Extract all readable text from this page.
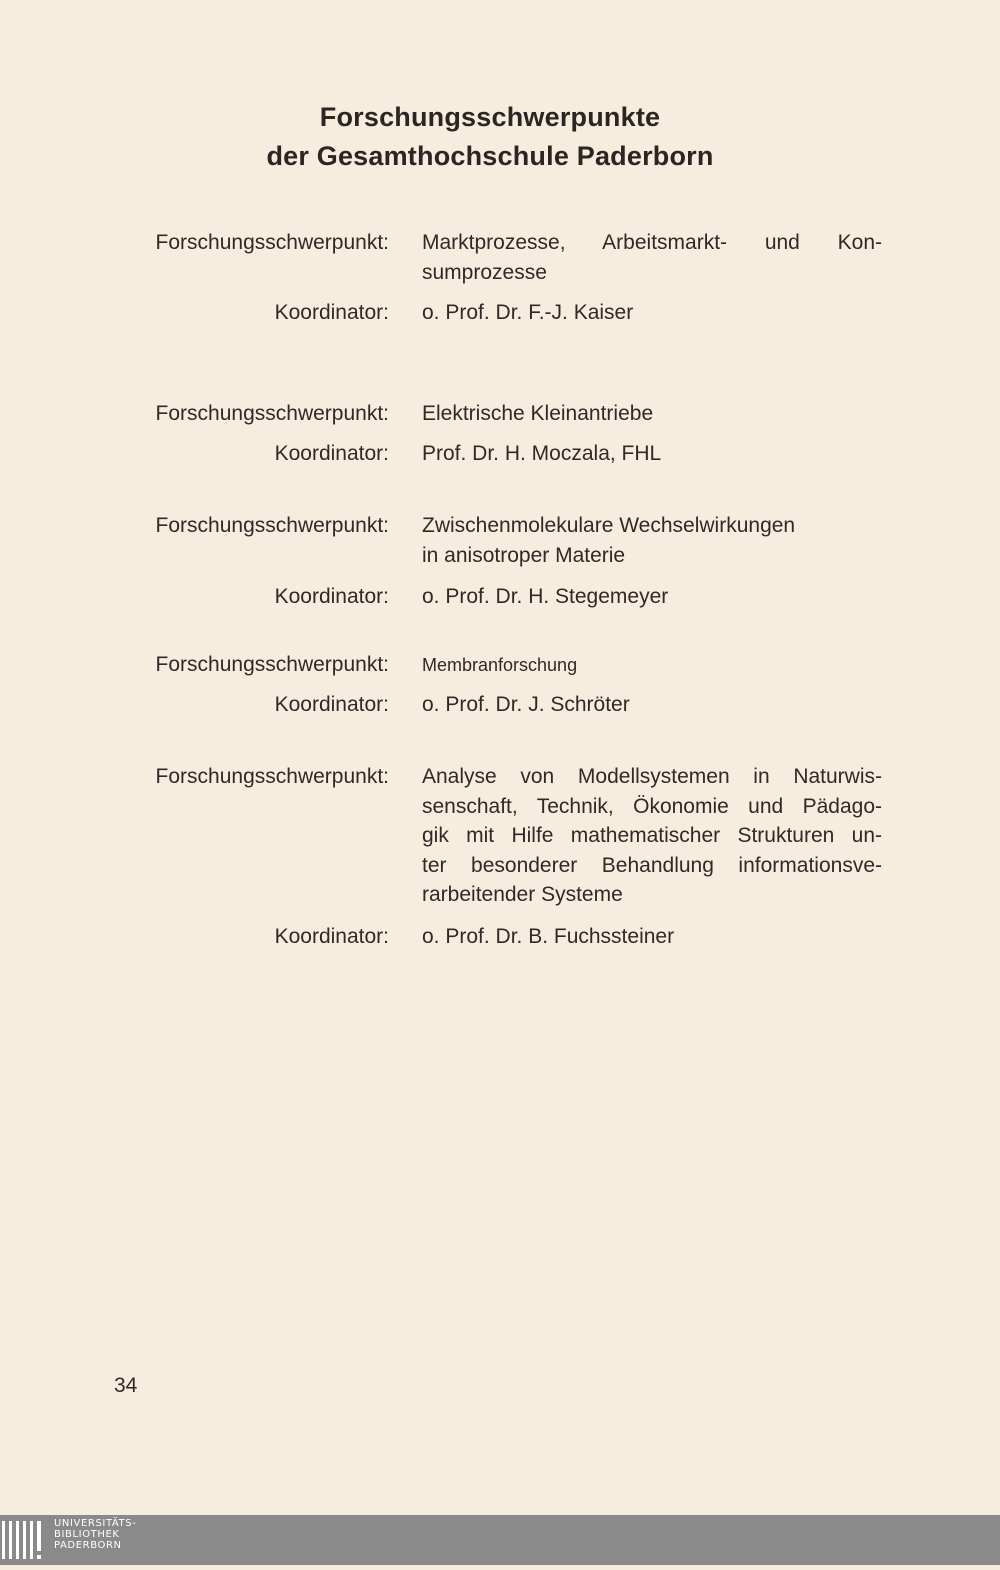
Forschungsschwerpunkte
der Gesamthochschule Paderborn
Forschungsschwerpunkt: Marktprozesse, Arbeitsmarkt- und Kon-
sumprozesse
Koordinator: o. Prof. Dr. F.-J. Kaiser
Forschungsschwerpunkt: Elektrische Kleinantriebe
Koordinator: Prof. Dr. H. Moczala, FHL
Forschungsschwerpunkt: Zwischenmolekulare Wechselwirkungen
in anisotroper Materie
Koordinator: o. Prof. Dr. H. Stegemeyer
Forschungsschwerpunkt: Membranforschung
Koordinator: o. Prof. Dr. J. Schröter
Forschungsschwerpunkt: Analyse von Modellsystemen in Naturwis-
senschaft, Technik, Ökonomie und Pädago-
gik mit Hilfe mathematischer Strukturen un-
ter besonderer Behandlung informationsve-
rarbeitender Systeme
Koordinator: o. Prof. Dr. B. Fuchssteiner
34
UNIVERSITÄTS-
BIBLIOTHEK
PADERBORN
